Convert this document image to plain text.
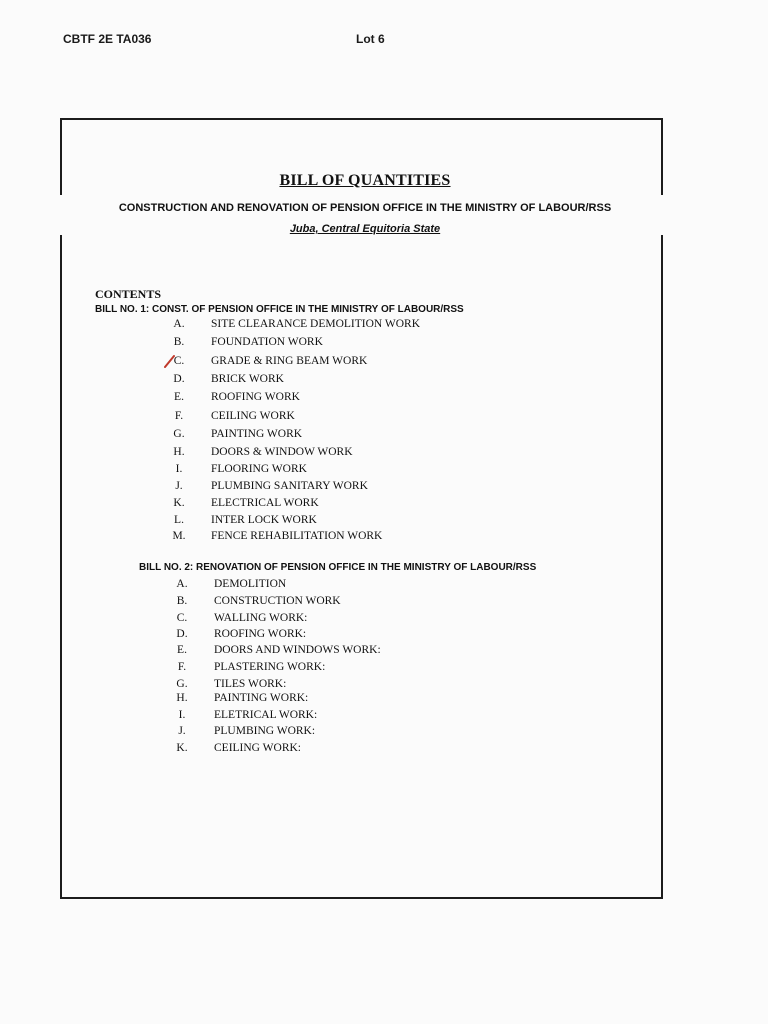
CBTF 2E TA036	Lot 6
BILL OF QUANTITIES
CONSTRUCTION AND RENOVATION OF PENSION OFFICE IN THE MINISTRY OF LABOUR/RSS
Juba, Central Equitoria State
CONTENTS
BILL NO. 1: CONST. OF PENSION OFFICE IN THE MINISTRY OF LABOUR/RSS
A.	SITE CLEARANCE DEMOLITION WORK
B.	FOUNDATION WORK
C.	GRADE & RING BEAM WORK
D.	BRICK WORK
E.	ROOFING WORK
F.	CEILING WORK
G.	PAINTING WORK
H.	DOORS & WINDOW WORK
I.	FLOORING WORK
J.	PLUMBING SANITARY WORK
K.	ELECTRICAL WORK
L.	INTER LOCK WORK
M.	FENCE REHABILITATION WORK
BILL NO. 2: RENOVATION OF PENSION OFFICE IN THE MINISTRY OF LABOUR/RSS
A.	DEMOLITION
B.	CONSTRUCTION WORK
C.	WALLING WORK:
D.	ROOFING WORK:
E.	DOORS AND WINDOWS WORK:
F.	PLASTERING WORK:
G.	TILES WORK:
H.	PAINTING WORK:
I.	ELETRICAL WORK:
J.	PLUMBING WORK:
K.	CEILING WORK:
